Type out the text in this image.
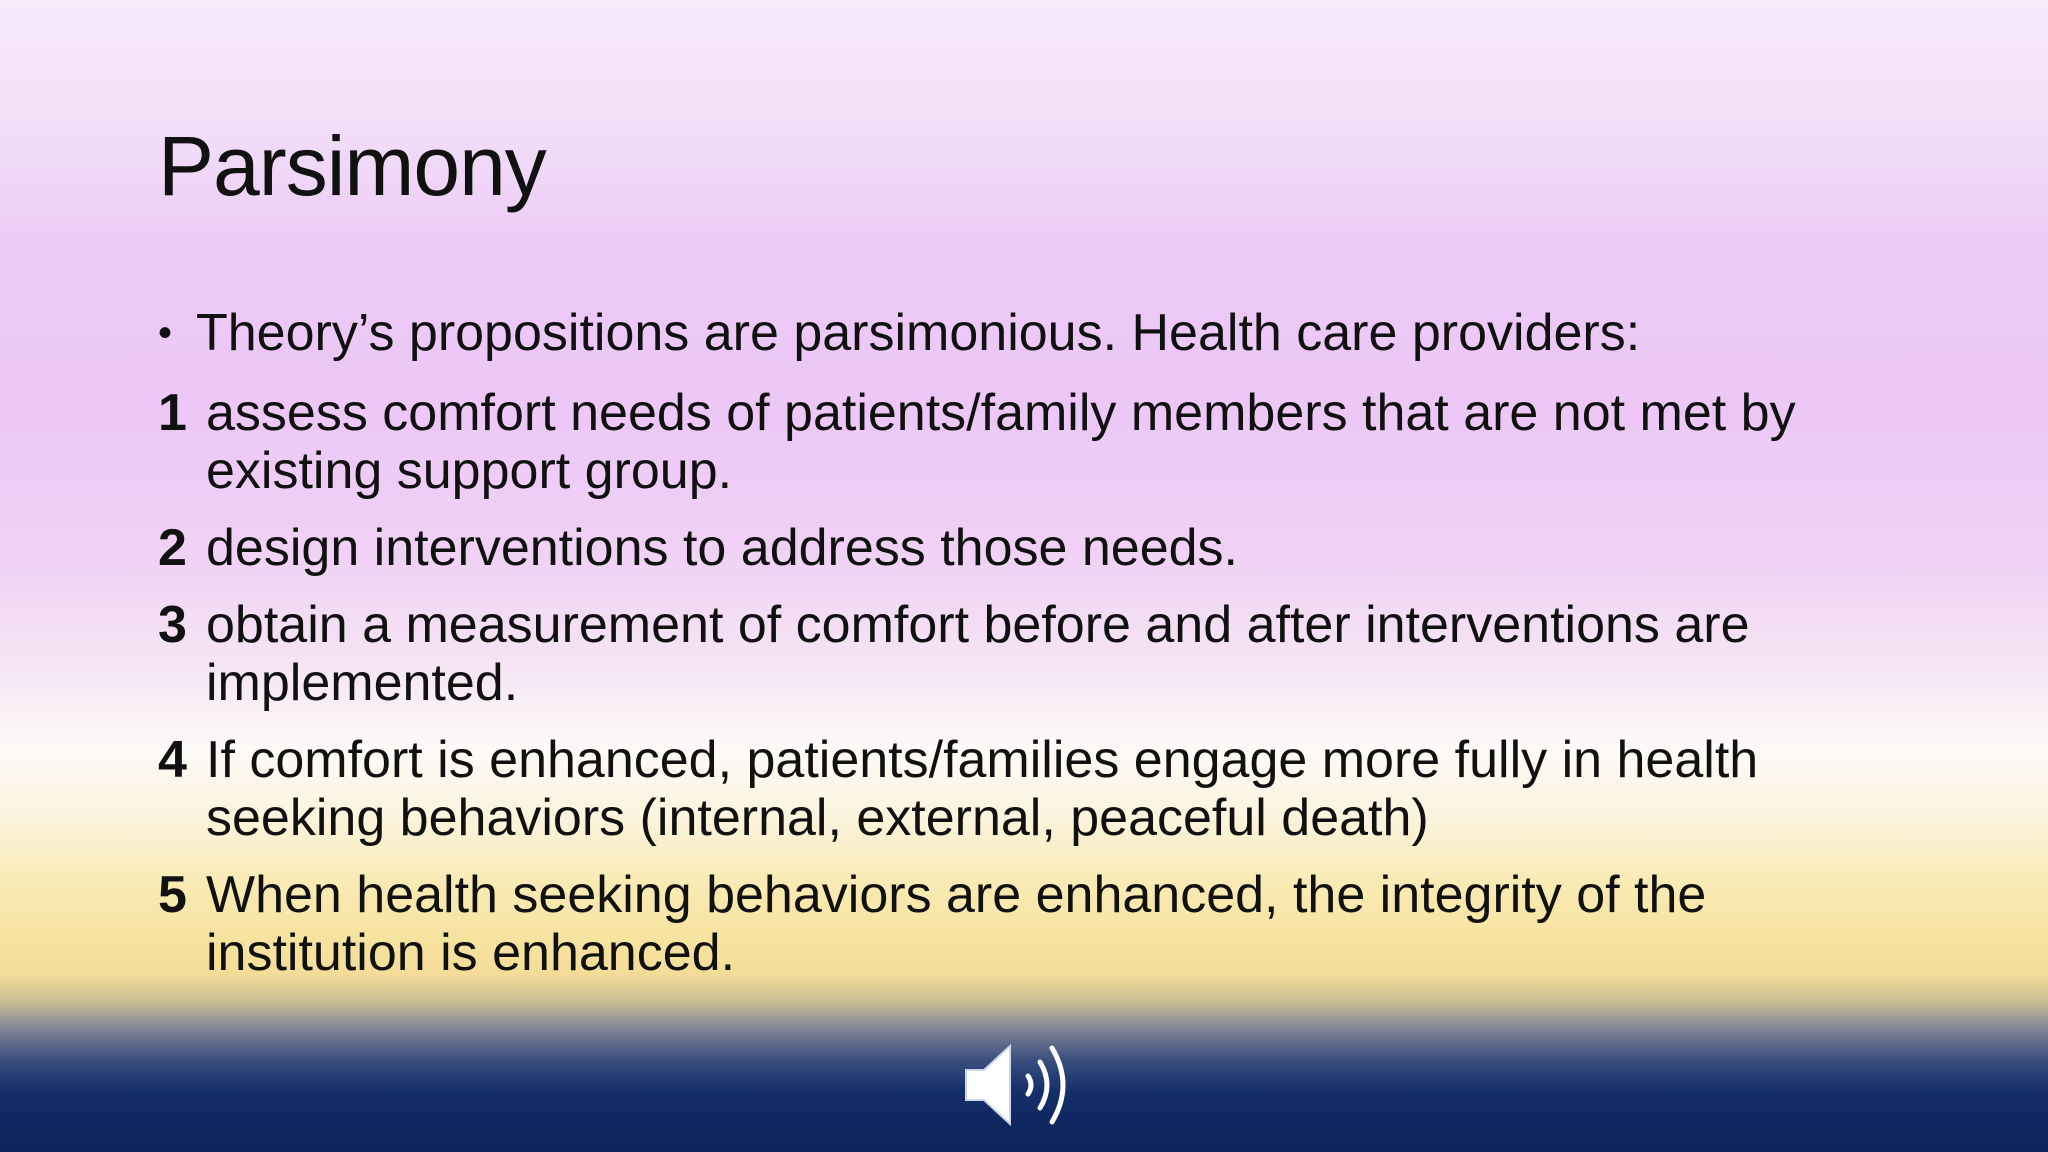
Parsimony
• Theory’s propositions are parsimonious. Health care providers:
1 assess comfort needs of patients/family members that are not met by existing support group.
2 design interventions to address those needs.
3 obtain a measurement of comfort before and after interventions are implemented.
4 If comfort is enhanced, patients/families engage more fully in health seeking behaviors (internal, external, peaceful death)
5 When health seeking behaviors are enhanced, the integrity of the institution is enhanced.
